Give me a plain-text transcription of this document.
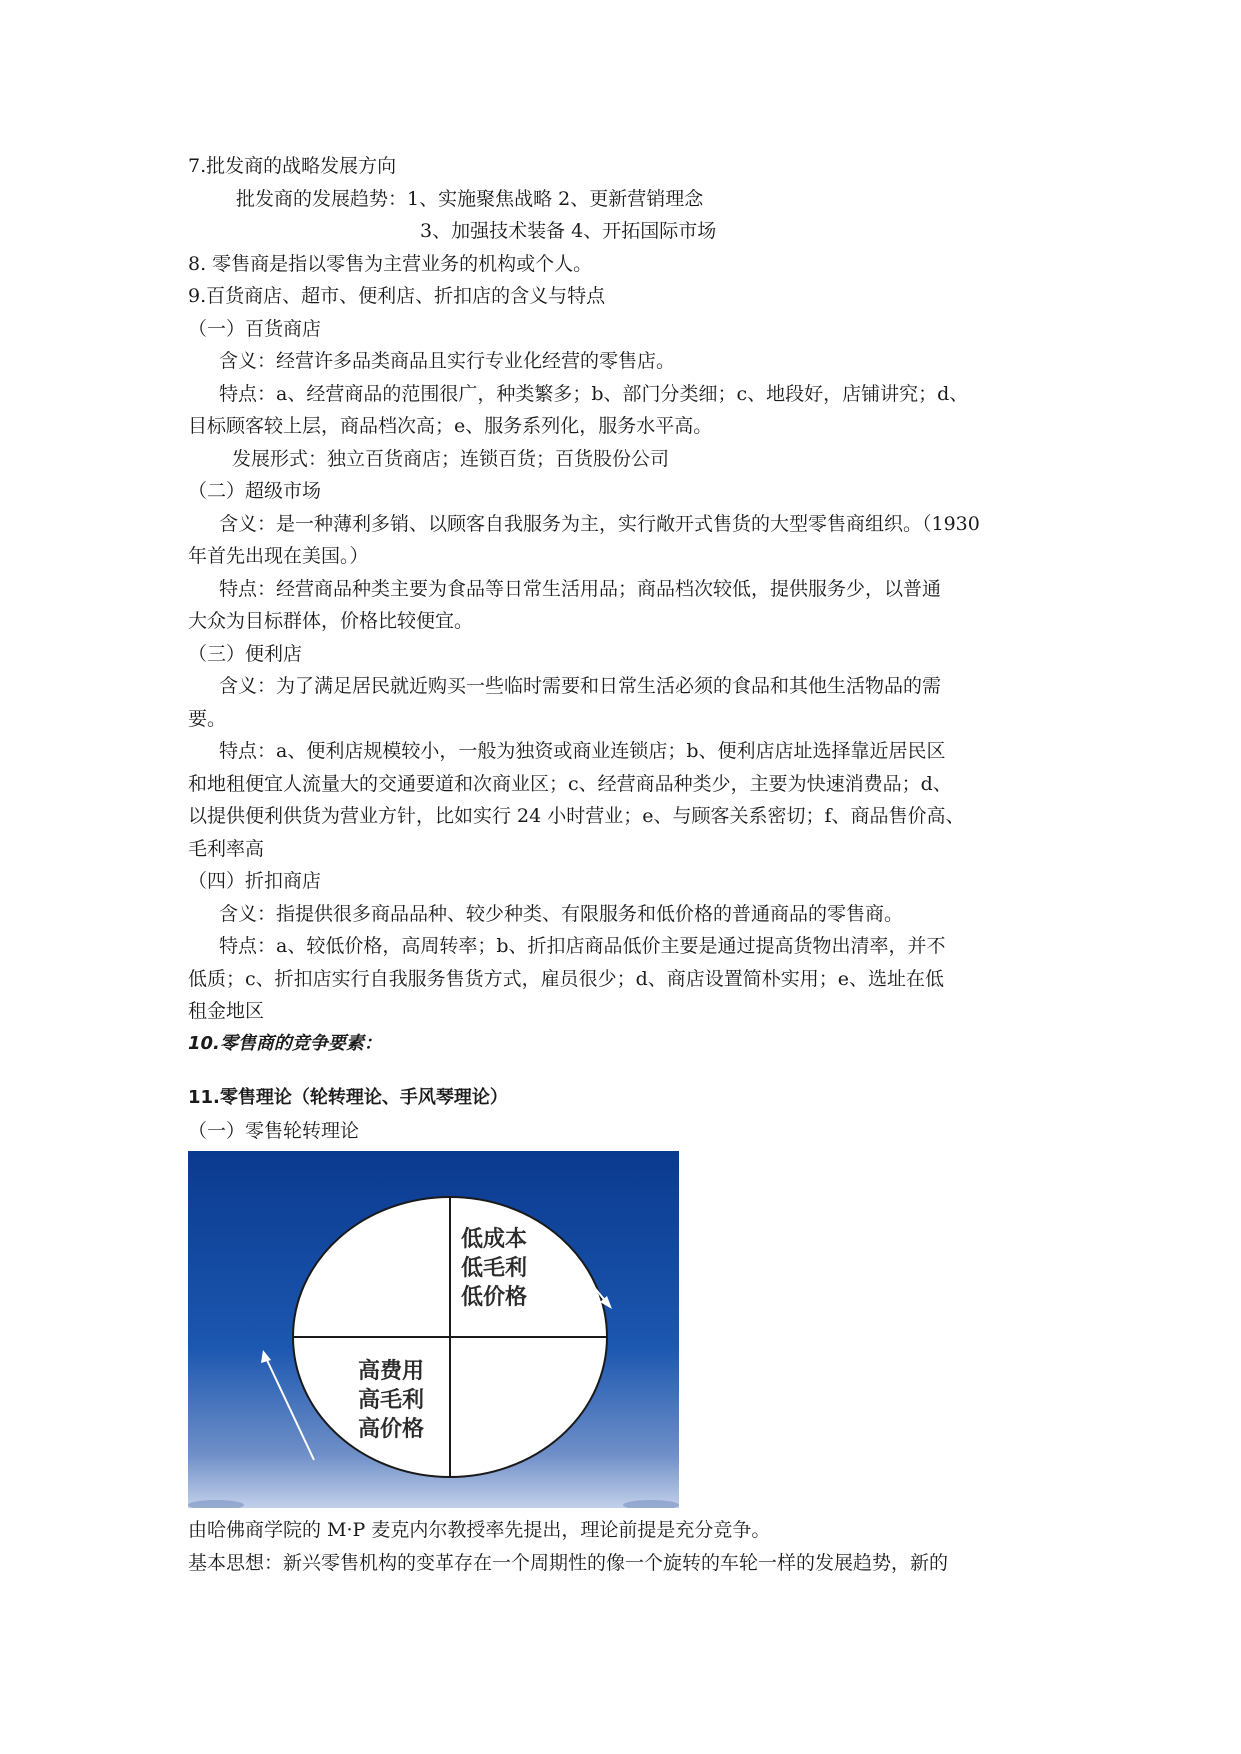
7.批发商的战略发展方向
批发商的发展趋势：1、实施聚焦战略 2、更新营销理念
3、加强技术装备 4、开拓国际市场
8. 零售商是指以零售为主营业务的机构或个人。
9.百货商店、超市、便利店、折扣店的含义与特点
（一）百货商店
含义：经营许多品类商品且实行专业化经营的零售店。
特点：a、经营商品的范围很广，种类繁多；b、部门分类细；c、地段好，店铺讲究；d、
目标顾客较上层，商品档次高；e、服务系列化，服务水平高。
发展形式：独立百货商店；连锁百货；百货股份公司
（二）超级市场
含义：是一种薄利多销、以顾客自我服务为主，实行敞开式售货的大型零售商组织。（1930
年首先出现在美国。）
特点：经营商品种类主要为食品等日常生活用品；商品档次较低，提供服务少，以普通
大众为目标群体，价格比较便宜。
（三）便利店
含义：为了满足居民就近购买一些临时需要和日常生活必须的食品和其他生活物品的需
要。
特点：a、便利店规模较小，一般为独资或商业连锁店；b、便利店店址选择靠近居民区
和地租便宜人流量大的交通要道和次商业区；c、经营商品种类少，主要为快速消费品；d、
以提供便利供货为营业方针，比如实行 24 小时营业；e、与顾客关系密切；f、商品售价高、
毛利率高
（四）折扣商店
含义：指提供很多商品品种、较少种类、有限服务和低价格的普通商品的零售商。
特点：a、较低价格，高周转率；b、折扣店商品低价主要是通过提高货物出清率，并不
低质；c、折扣店实行自我服务售货方式，雇员很少；d、商店设置简朴实用；e、选址在低
租金地区
10.零售商的竞争要素：
11.零售理论（轮转理论、手风琴理论）
（一）零售轮转理论
低成本
低毛利
低价格
高费用
高毛利
高价格
由哈佛商学院的 M·P 麦克内尔教授率先提出，理论前提是充分竞争。
基本思想：新兴零售机构的变革存在一个周期性的像一个旋转的车轮一样的发展趋势，新的
